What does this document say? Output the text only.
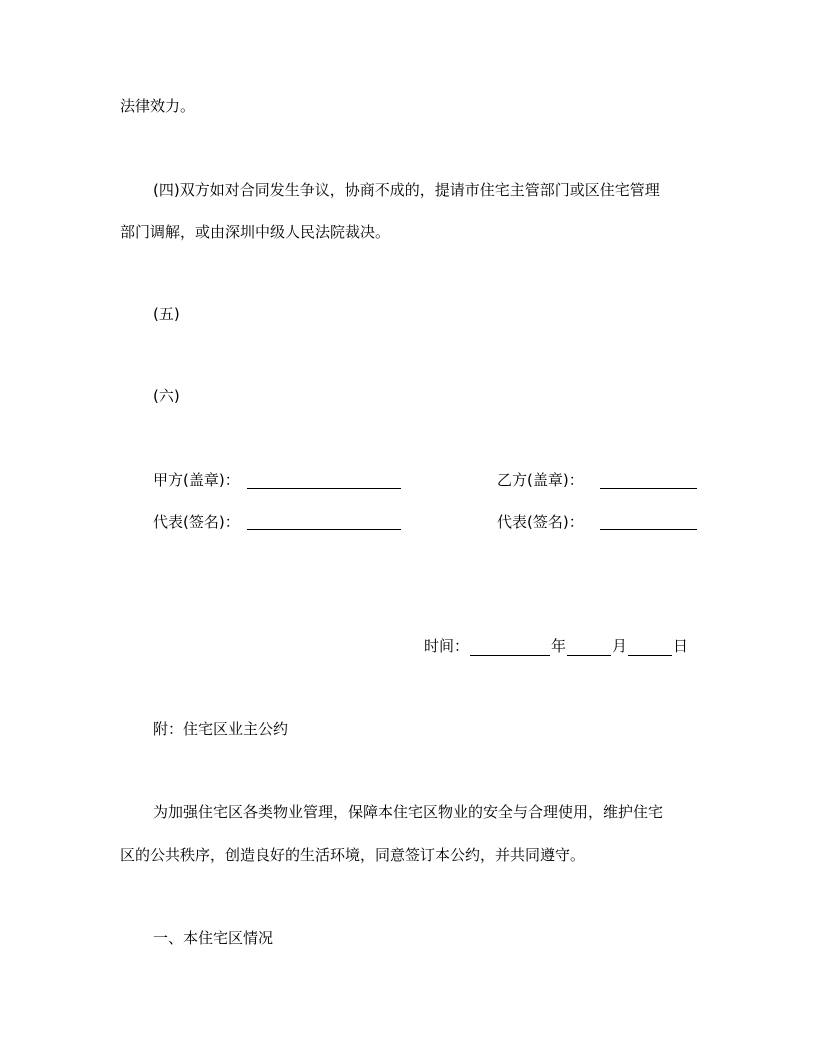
法律效力。
(四)双方如对合同发生争议，协商不成的，提请市住宅主管部门或区住宅管理
部门调解，或由深圳中级人民法院裁决。
(五)
(六)
甲方(盖章)：	乙方(盖章)：
代表(签名)：	代表(签名)：
时间：	年	月	日
附：住宅区业主公约
为加强住宅区各类物业管理，保障本住宅区物业的安全与合理使用，维护住宅
区的公共秩序，创造良好的生活环境，同意签订本公约，并共同遵守。
一、本住宅区情况
